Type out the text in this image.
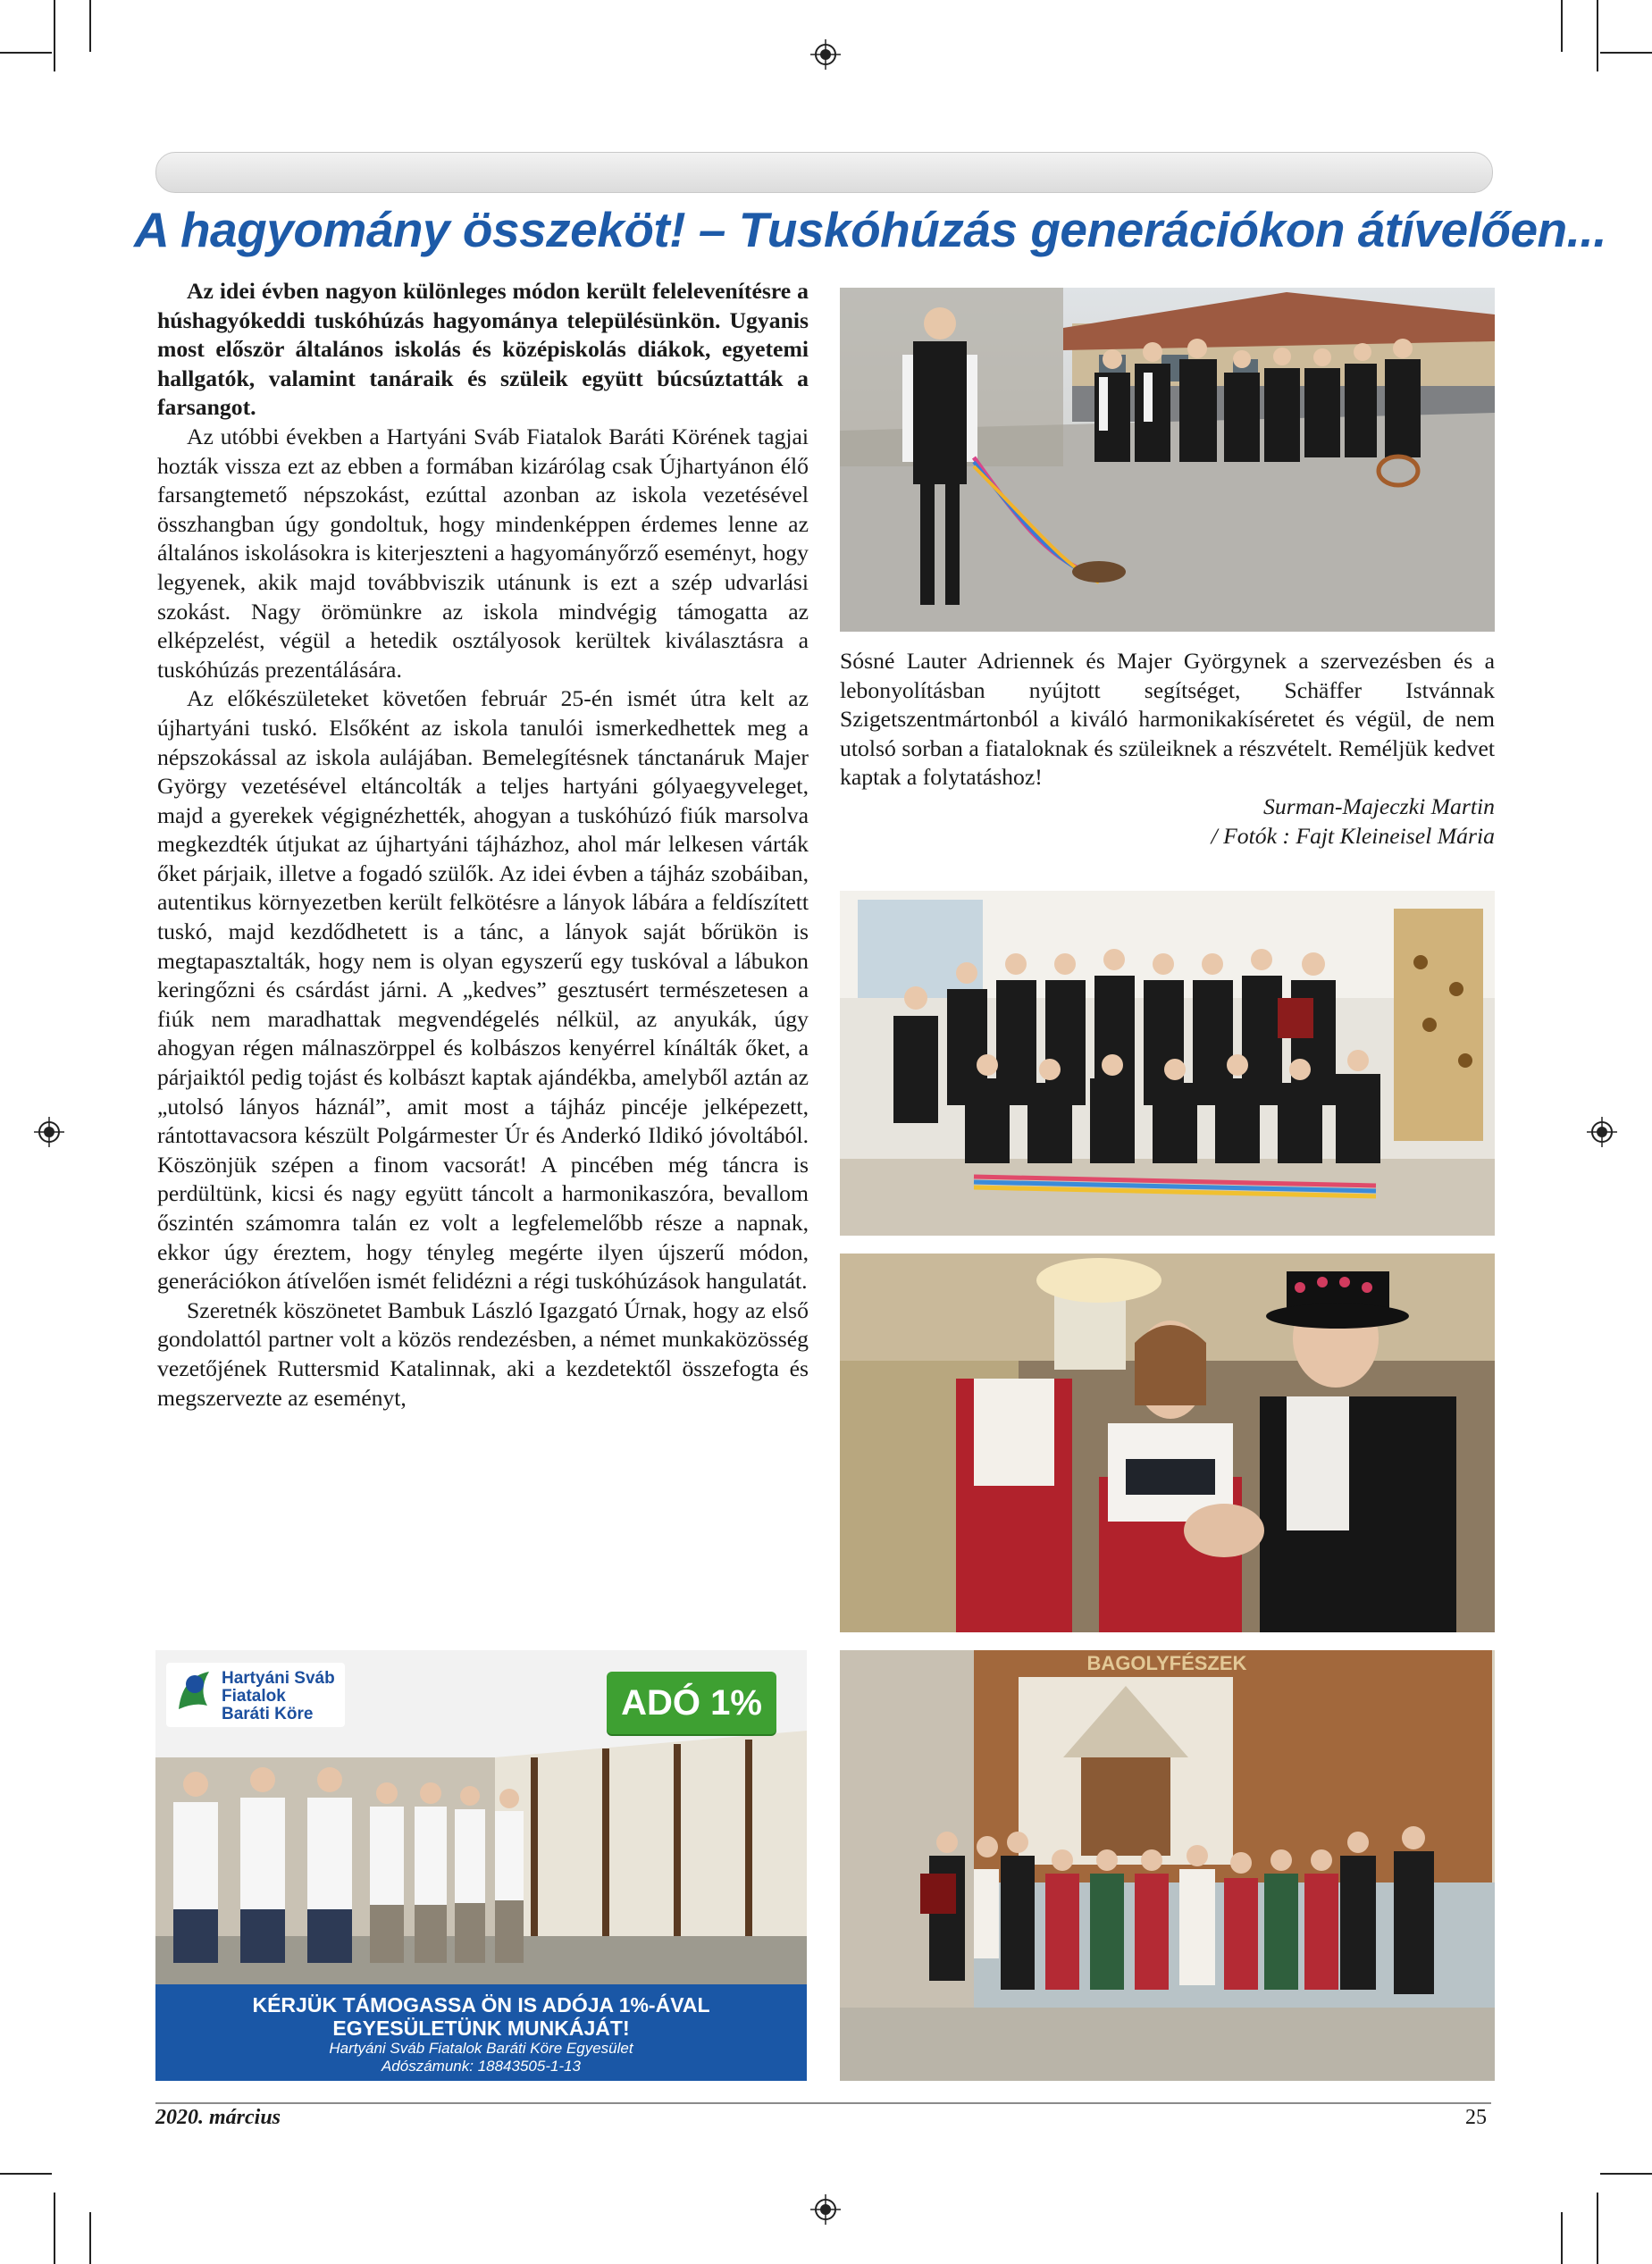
A hagyomány összeköt! – Tuskóhúzás generációkon átívelően...

Az idei évben nagyon különleges módon került felelevenítésre a húshagyókeddi tuskóhúzás hagyománya településünkön. Ugyanis most először általános iskolás és középiskolás diákok, egyetemi hallgatók, valamint tanáraik és szüleik együtt búcsúztatták a farsangot.

Az utóbbi években a Hartyáni Sváb Fiatalok Baráti Körének tagjai hozták vissza ezt az ebben a formában kizárólag csak Újhartyánon élő farsangtemető népszokást, ezúttal azonban az iskola vezetésével összhangban úgy gondoltuk, hogy mindenképpen érdemes lenne az általános iskolásokra is kiterjeszteni a hagyományőrző eseményt, hogy legyenek, akik majd továbbviszik utánunk is ezt a szép udvarlási szokást. Nagy örömünkre az iskola mindvégig támogatta az elképzelést, végül a hetedik osztályosok kerültek kiválasztásra a tuskóhúzás prezentálására.

Az előkészületeket követően február 25-én ismét útra kelt az újhartyáni tuskó. Elsőként az iskola tanulói ismerkedhettek meg a népszokással az iskola aulájában. Bemelegítésnek tánctanáruk Majer György vezetésével eltáncolták a teljes hartyáni gólyaegyveleget, majd a gyerekek végignézhették, ahogyan a tuskóhúzó fiúk marsolva megkezdték útjukat az újhartyáni tájházhoz, ahol már lelkesen várták őket párjaik, illetve a fogadó szülők. Az idei évben a tájház szobáiban, autentikus környezetben került felkötésre a lányok lábára a feldíszített tuskó, majd kezdődhetett is a tánc, a lányok saját bőrükön is megtapasztalták, hogy nem is olyan egyszerű egy tuskóval a lábukon keringőzni és csárdást járni. A „kedves” gesztusért természetesen a fiúk nem maradhattak megvendégelés nélkül, az anyukák, úgy ahogyan régen málnaszörppel és kolbászos kenyérrel kínálták őket, a párjaiktól pedig tojást és kolbászt kaptak ajándékba, amelyből aztán az „utolsó lányos háznál”, amit most a tájház pincéje jelképezett, rántottavacsora készült Polgármester Úr és Anderkó Ildikó jóvoltából. Köszönjük szépen a finom vacsorát! A pincében még táncra is perdültünk, kicsi és nagy együtt táncolt a harmonikaszóra, bevallom őszintén számomra talán ez volt a legfelemelőbb része a napnak, ekkor úgy éreztem, hogy tényleg megérte ilyen újszerű módon, generációkon átívelően ismét felidézni a régi tuskóhúzások hangulatát.

Szeretnék köszönetet Bambuk László Igazgató Úrnak, hogy az első gondolattól partner volt a közös rendezésben, a német munkaközösség vezetőjének Ruttersmid Katalinnak, aki a kezdetektől összefogta és megszervezte az eseményt,

Sósné Lauter Adriennek és Majer Györgynek a szervezésben és a lebonyolításban nyújtott segítséget, Schäffer Istvánnak Szigetszentmártonból a kiváló harmonikakíséretet és végül, de nem utolsó sorban a fiataloknak és szüleiknek a részvételt. Reméljük kedvet kaptak a folytatáshoz!

Surman-Majeczki Martin

/ Fotók : Fajt Kleineisel Mária

BAGOLYFÉSZEK
Hartyáni Sváb
Fiatalok
Baráti Köre	ADÓ 1%
KÉRJÜK TÁMOGASSA ÖN IS ADÓJA 1%-ÁVAL
EGYESÜLETÜNK MUNKÁJÁT!
Hartyáni Sváb Fiatalok Baráti Köre Egyesület
Adószámunk: 18843505-1-13
2020. március	25
